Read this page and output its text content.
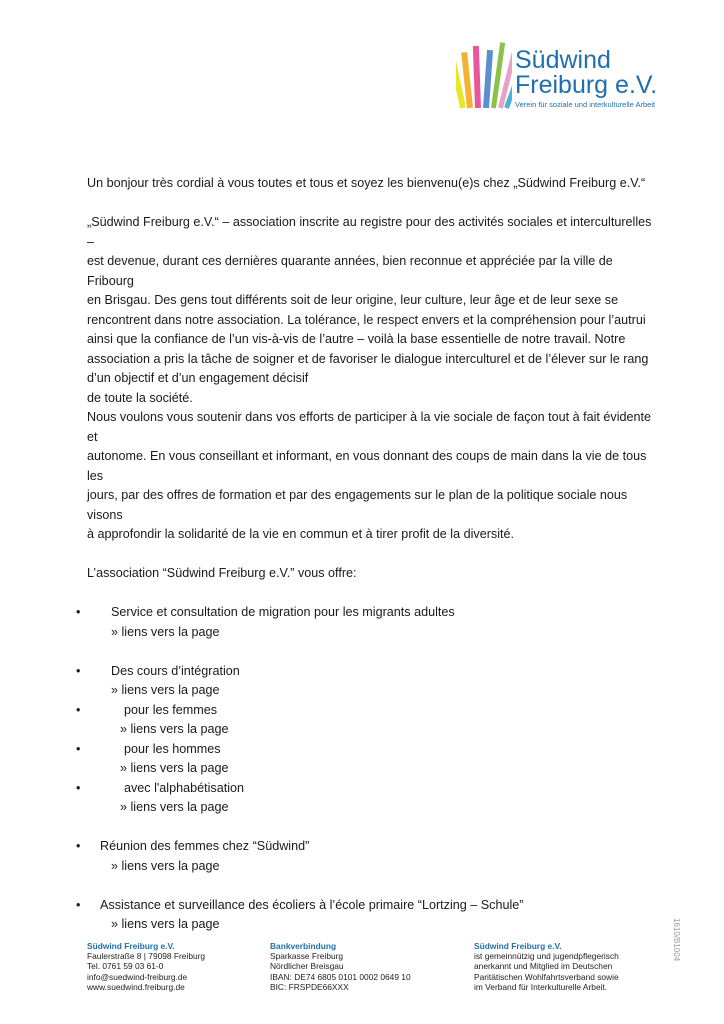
Südwind
Freiburg e.V.
Verein für soziale und interkulturelle Arbeit

Un bonjour très cordial à vous toutes et tous et soyez les bienvenu(e)s chez „Südwind Freiburg e.V.“

„Südwind Freiburg e.V.“ – association inscrite au registre pour des activités sociales et interculturelles –

est devenue, durant ces dernières quarante années, bien reconnue et appréciée par la ville de Fribourg

en Brisgau. Des gens tout différents soit de leur origine, leur culture, leur âge et de leur sexe se

rencontrent dans notre association. La tolérance, le respect envers et la compréhension pour l’autrui

ainsi que la confiance de l’un vis-à-vis de l’autre – voilà la base essentielle de notre travail. Notre

association a pris la tâche de soigner et de favoriser le dialogue interculturel et de l’élever sur le rang

d’un objectif et d’un engagement décisif

de toute la société.

Nous voulons vous soutenir dans vos efforts de participer à la vie sociale de façon tout à fait évidente et

autonome. En vous conseillant et informant, en vous donnant des coups de main dans la vie de tous les

jours, par des offres de formation et par des engagements sur le plan de la politique sociale nous visons

à approfondir la solidarité de la vie en commun et à tirer profit de la diversité.

L’association “Südwind Freiburg e.V.” vous offre:

• Service et consultation de migration pour les migrants adultes
» liens vers la page
• Des cours d’intégration
» liens vers la page
•	pour les femmes
» liens vers la page
•	pour les hommes
» liens vers la page
•	avec l'alphabétisation
» liens vers la page
• Réunion des femmes chez “Südwind”
» liens vers la page
• Assistance et surveillance des écoliers à l’école primaire “Lortzing – Schule”
» liens vers la page
Südwind Freiburg e.V.
Faulerstraße 8 | 79098 Freiburg
Tel. 0761 59 03 61-0
info@suedwind-freiburg.de
www.suedwind.freiburg.de
Bankverbindung
Sparkasse Freiburg
Nördlicher Breisgau
IBAN: DE74 6805 0101 0002 0649 10
BIC: FRSPDE66XXX
Südwind Freiburg e.V.
ist gemeinnützig und jugendpflegerisch
anerkannt und Mitglied im Deutschen
Paritätischen Wohlfahrtsverband sowie
im Verband für Interkulturelle Arbeit.
1610/B1004
